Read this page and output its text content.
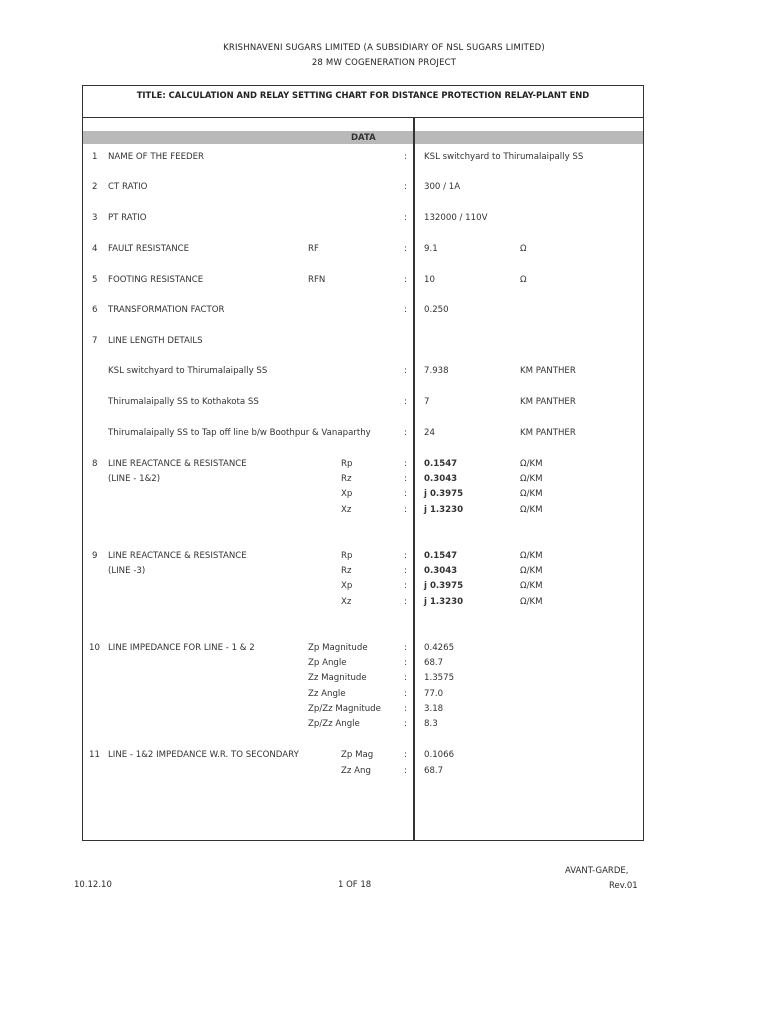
KRISHNAVENI SUGARS LIMITED (A SUBSIDIARY OF NSL SUGARS LIMITED)
28 MW COGENERATION PROJECT
TITLE: CALCULATION AND RELAY SETTING CHART FOR DISTANCE PROTECTION RELAY-PLANT END
DATA
1 NAME OF THE FEEDER	: KSL switchyard to Thirumalaipally SS
2 CT RATIO	: 300 / 1A
3 PT RATIO	: 132000 / 110V
4 FAULT RESISTANCE	RF	: 9.1	Ω
5 FOOTING RESISTANCE	RFN	: 10	Ω
6 TRANSFORMATION FACTOR	: 0.250
7 LINE LENGTH DETAILS
KSL switchyard to Thirumalaipally SS	: 7.938	KM PANTHER
Thirumalaipally SS to Kothakota SS	: 7	KM PANTHER
Thirumalaipally SS to Tap off line b/w Boothpur & Vanaparthy	: 24	KM PANTHER
8 LINE REACTANCE & RESISTANCE
(LINE - 1&2)
Rp	: 0.1547	Ω/KM
Rz	: 0.3043	Ω/KM
Xp	: j 0.3975	Ω/KM
Xz	: j 1.3230	Ω/KM
9 LINE REACTANCE & RESISTANCE
(LINE -3)
Rp	: 0.1547	Ω/KM
Rz	: 0.3043	Ω/KM
Xp	: j 0.3975	Ω/KM
Xz	: j 1.3230	Ω/KM
10 LINE IMPEDANCE FOR LINE - 1 & 2	Zp Magnitude	: 0.4265
Zp Angle	: 68.7
Zz Magnitude	: 1.3575
Zz Angle	: 77.0
Zp/Zz Magnitude	: 3.18
Zp/Zz Angle	: 8.3
11 LINE - 1&2 IMPEDANCE W.R. TO SECONDARY	Zp Mag	: 0.1066
Zz Ang	: 68.7
10.12.10	1 OF 18
AVANT-GARDE,
Rev.01
